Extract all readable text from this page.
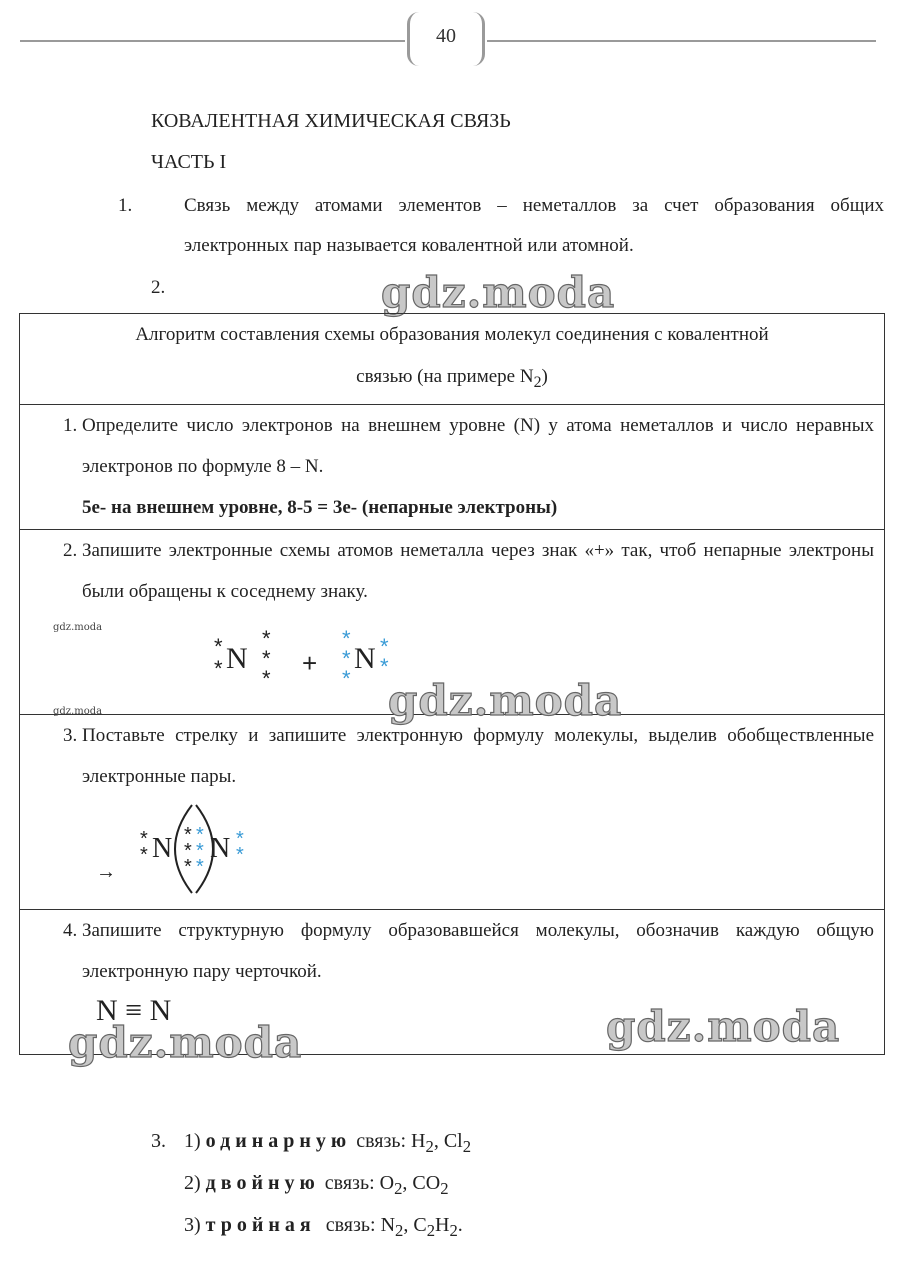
40
КОВАЛЕНТНАЯ ХИМИЧЕСКАЯ СВЯЗЬ
ЧАСТЬ I
1.	Связь между атомами элементов – неметаллов за счет образования общих электронных пар называется ковалентной или атомной.
2.	gdz.moda
Алгоритм составления схемы образования молекул соединения с ковалентной
связью (на примере $N_2$)

1. Определите число электронов на внешнем уровне (N) у атома неметаллов и число неравных электронов по формуле 8 – N.
5е- на внешнем уровне, 8-5 = 3е- (непарные электроны)

2. Запишите электронные схемы атомов неметалла через знак «+» так, чтоб непарные электроны были обращены к соседнему знаку.
gdz.moda
gdz.moda
*
* N
*
*
*
+
*
*
*
N *
*
gdz.moda

3. Поставьте стрелку и запишите электронную формулу молекулы, выделив обобществленные электронные пары.
*
* N *
*
*
*
*
*
N *
*
→

4. Запишите структурную формулу образовавшейся молекулы, обозначив каждую общую электронную пару черточкой.
N ≡ N	gdz.moda
gdz.moda
3. 1) одинарную связь: $H_2$, $Cl_2$
2) двойную связь: $O_2$, $CO_2$
3) тройная  связь: $N_2$, $C_2H_2$.
